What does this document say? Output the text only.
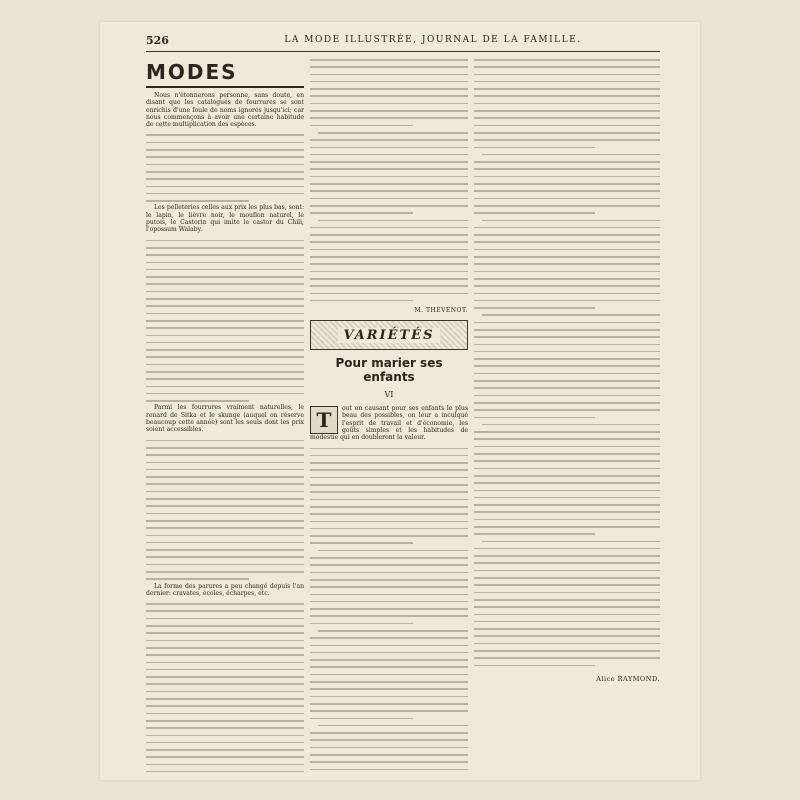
526	LA MODE ILLUSTRÉE, JOURNAL DE LA FAMILLE.
MODES

Nous n'étonnerons personne, sans doute, en disant que les catalogues de fourrures se sont enrichis d'une foule de noms ignorés jusqu'ici; car nous commençons à avoir une certaine habitude de cette multiplication des espèces.

Les pelleteries celles aux prix les plus bas, sont: le lapin, le lièvre noir, le mouflon naturel, le putois, le Castorin qui imite le castor du Chili, l'opossum Walaby.

Parmi les fourrures vraiment naturelles, le renard de Sitka et le skunge (auquel on réserve beaucoup cette année) sont les seuls dont les prix soient accessibles.

La forme des parures a peu changé depuis l'an dernier: cravates, écoles, écharpes, etc.

M. THEVENOT.
VARIÉTÉS
Pour marier ses enfants
VI
T	out en causant pour ses enfants le plus beau des possibles, on leur a inculqué l'esprit de travail et d'économie, les goûts simples et les habitudes de modestie qui en doubleront la valeur.

Alice RAYMOND.
